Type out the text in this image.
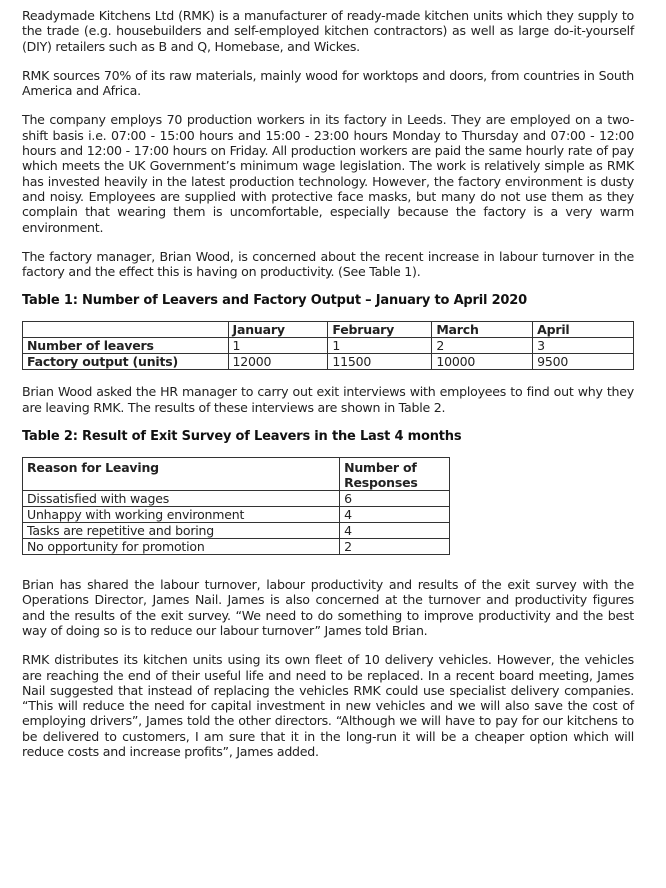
Readymade Kitchens Ltd (RMK) is a manufacturer of ready-made kitchen units which they supply to the trade (e.g. housebuilders and self-employed kitchen contractors) as well as large do-it-yourself (DIY) retailers such as B and Q, Homebase, and Wickes.

RMK sources 70% of its raw materials, mainly wood for worktops and doors, from countries in South America and Africa.

The company employs 70 production workers in its factory in Leeds. They are employed on a two-shift basis i.e. 07:00 - 15:00 hours and 15:00 - 23:00 hours Monday to Thursday and 07:00 - 12:00 hours and 12:00 - 17:00 hours on Friday. All production workers are paid the same hourly rate of pay which meets the UK Government’s minimum wage legislation. The work is relatively simple as RMK has invested heavily in the latest production technology. However, the factory environment is dusty and noisy. Employees are supplied with protective face masks, but many do not use them as they complain that wearing them is uncomfortable, especially because the factory is a very warm environment.

The factory manager, Brian Wood, is concerned about the recent increase in labour turnover in the factory and the effect this is having on productivity. (See Table 1).

Table 1: Number of Leavers and Factory Output – January to April 2020
	January	February	March	April
Number of leavers	1	1	2	3
Factory output (units)	12000	11500	10000	9500

Brian Wood asked the HR manager to carry out exit interviews with employees to find out why they are leaving RMK. The results of these interviews are shown in Table 2.

Table 2: Result of Exit Survey of Leavers in the Last 4 months
Reason for Leaving	Number of Responses
Dissatisfied with wages	6
Unhappy with working environment	4
Tasks are repetitive and boring	4
No opportunity for promotion	2

Brian has shared the labour turnover, labour productivity and results of the exit survey with the Operations Director, James Nail. James is also concerned at the turnover and productivity figures and the results of the exit survey. “We need to do something to improve productivity and the best way of doing so is to reduce our labour turnover” James told Brian.

RMK distributes its kitchen units using its own fleet of 10 delivery vehicles. However, the vehicles are reaching the end of their useful life and need to be replaced. In a recent board meeting, James Nail suggested that instead of replacing the vehicles RMK could use specialist delivery companies. “This will reduce the need for capital investment in new vehicles and we will also save the cost of employing drivers”, James told the other directors. “Although we will have to pay for our kitchens to be delivered to customers, I am sure that it in the long-run it will be a cheaper option which will reduce costs and increase profits”, James added.
